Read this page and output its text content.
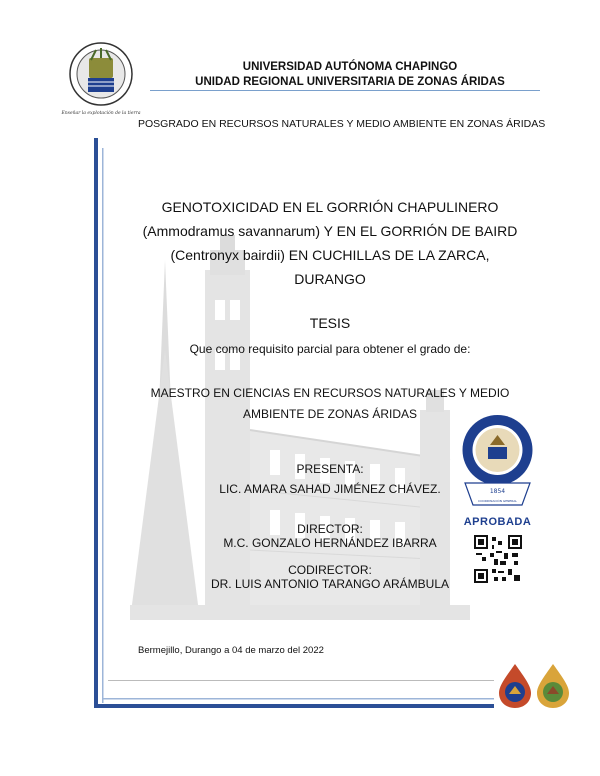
Enseñar la explotación de la tierra
UNIVERSIDAD AUTÓNOMA CHAPINGO
UNIDAD REGIONAL UNIVERSITARIA DE ZONAS ÁRIDAS
POSGRADO EN RECURSOS NATURALES Y MEDIO AMBIENTE EN ZONAS ÁRIDAS
GENOTOXICIDAD EN EL GORRIÓN CHAPULINERO
(Ammodramus savannarum) Y EN EL GORRIÓN DE BAIRD
(Centronyx bairdii) EN CUCHILLAS DE LA ZARCA,
DURANGO
TESIS
Que como requisito parcial para obtener el grado de:
MAESTRO EN CIENCIAS EN RECURSOS NATURALES Y MEDIO
AMBIENTE DE ZONAS ÁRIDAS
PRESENTA:
LIC. AMARA SAHAD JIMÉNEZ CHÁVEZ.
DIRECTOR:
M.C. GONZALO HERNÁNDEZ IBARRA
CODIRECTOR:
DR. LUIS ANTONIO TARANGO ARÁMBULA
Bermejillo, Durango a 04 de marzo del 2022
1854
COORDINACIÓN GENERAL
APROBADA
